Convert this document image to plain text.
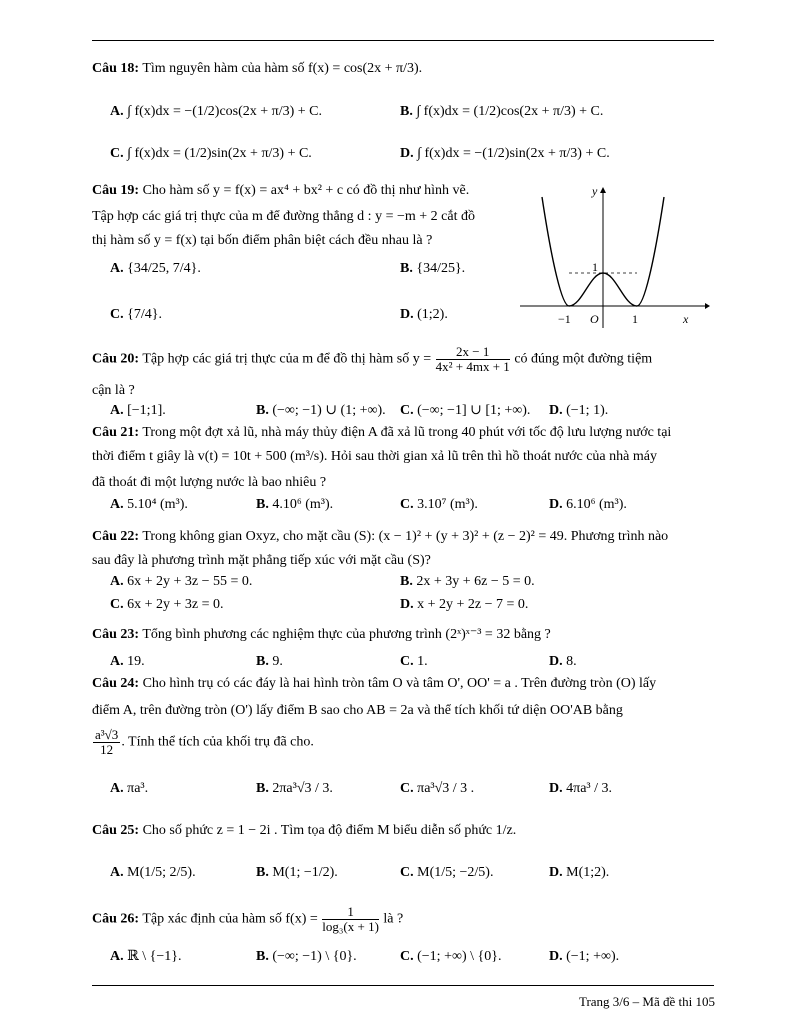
Câu 18: Tìm nguyên hàm của hàm số f(x) = cos(2x + π/3).
A. ∫ f(x)dx = −(1/2)cos(2x + π/3) + C.	B. ∫ f(x)dx = (1/2)cos(2x + π/3) + C.
C. ∫ f(x)dx = (1/2)sin(2x + π/3) + C.	D. ∫ f(x)dx = −(1/2)sin(2x + π/3) + C.
Câu 19: Cho hàm số y = f(x) = ax⁴ + bx² + c có đồ thị như hình vẽ.
Tập hợp các giá trị thực của m để đường thẳng d : y = −m + 2 cắt đồ
thị hàm số y = f(x) tại bốn điểm phân biệt cách đều nhau là ?
A. {34/25, 7/4}.	B. {34/25}.
C. {7/4}.	D. (1;2).
y
x
O
−1	1
1
Câu 20: Tập hợp các giá trị thực của m để đồ thị hàm số $y = \frac{2x - 1}{\text{4x² + 4mx + 1}}$ có đúng một đường tiệm
cận là ?
A. [−1;1].	B. (−∞; −1) ∪ (1; +∞). C. (−∞; −1] ∪ [1; +∞). D. (−1; 1).
Câu 21: Trong một đợt xả lũ, nhà máy thủy điện A đã xả lũ trong 40 phút với tốc độ lưu lượng nước tại
thời điểm t giây là v(t) = 10t + 500 (m³/s). Hỏi sau thời gian xả lũ trên thì hồ thoát nước của nhà máy
đã thoát đi một lượng nước là bao nhiêu ?
A. 5.10⁴ (m³).	B. 4.10⁶ (m³).	C. 3.10⁷ (m³).	D. 6.10⁶ (m³).
Câu 22: Trong không gian Oxyz, cho mặt cầu (S): (x − 1)² + (y + 3)² + (z − 2)² = 49. Phương trình nào
sau đây là phương trình mặt phẳng tiếp xúc với mặt cầu (S)?
A. 6x + 2y + 3z − 55 = 0.	B. 2x + 3y + 6z − 5 = 0.
C. 6x + 2y + 3z = 0.	D. x + 2y + 2z − 7 = 0.
Câu 23: Tổng bình phương các nghiệm thực của phương trình (2ˣ)ˣ⁻³ = 32 bằng ?
A. 19.	B. 9.	C. 1.	D. 8.
Câu 24: Cho hình trụ có các đáy là hai hình tròn tâm O và tâm O', OO' = a . Trên đường tròn (O) lấy
điểm A, trên đường tròn (O') lấy điểm B sao cho AB = 2a và thể tích khối tứ diện OO'AB bằng
$\frac{\text{a³√3}}{12}$ . Tính thể tích của khối trụ đã cho.
A. πa³.	B. 2πa³√3 / 3.	C. πa³√3 / 3 .	D. 4πa³ / 3.
Câu 25: Cho số phức z = 1 − 2i . Tìm tọa độ điểm M biểu diễn số phức 1/z.
A. M(1/5; 2/5).	B. M(1; −1/2).	C. M(1/5; −2/5).	D. M(1;2).
Câu 26: Tập xác định của hàm số $f(x) = \frac{1}{\text{log₃(x + 1)}}$ là ?
A. ℝ \ {−1}.	B. (−∞; −1) \ {0}.	C. (−1; +∞) \ {0}.	D. (−1; +∞).
Trang 3/6 – Mã đề thi 105
